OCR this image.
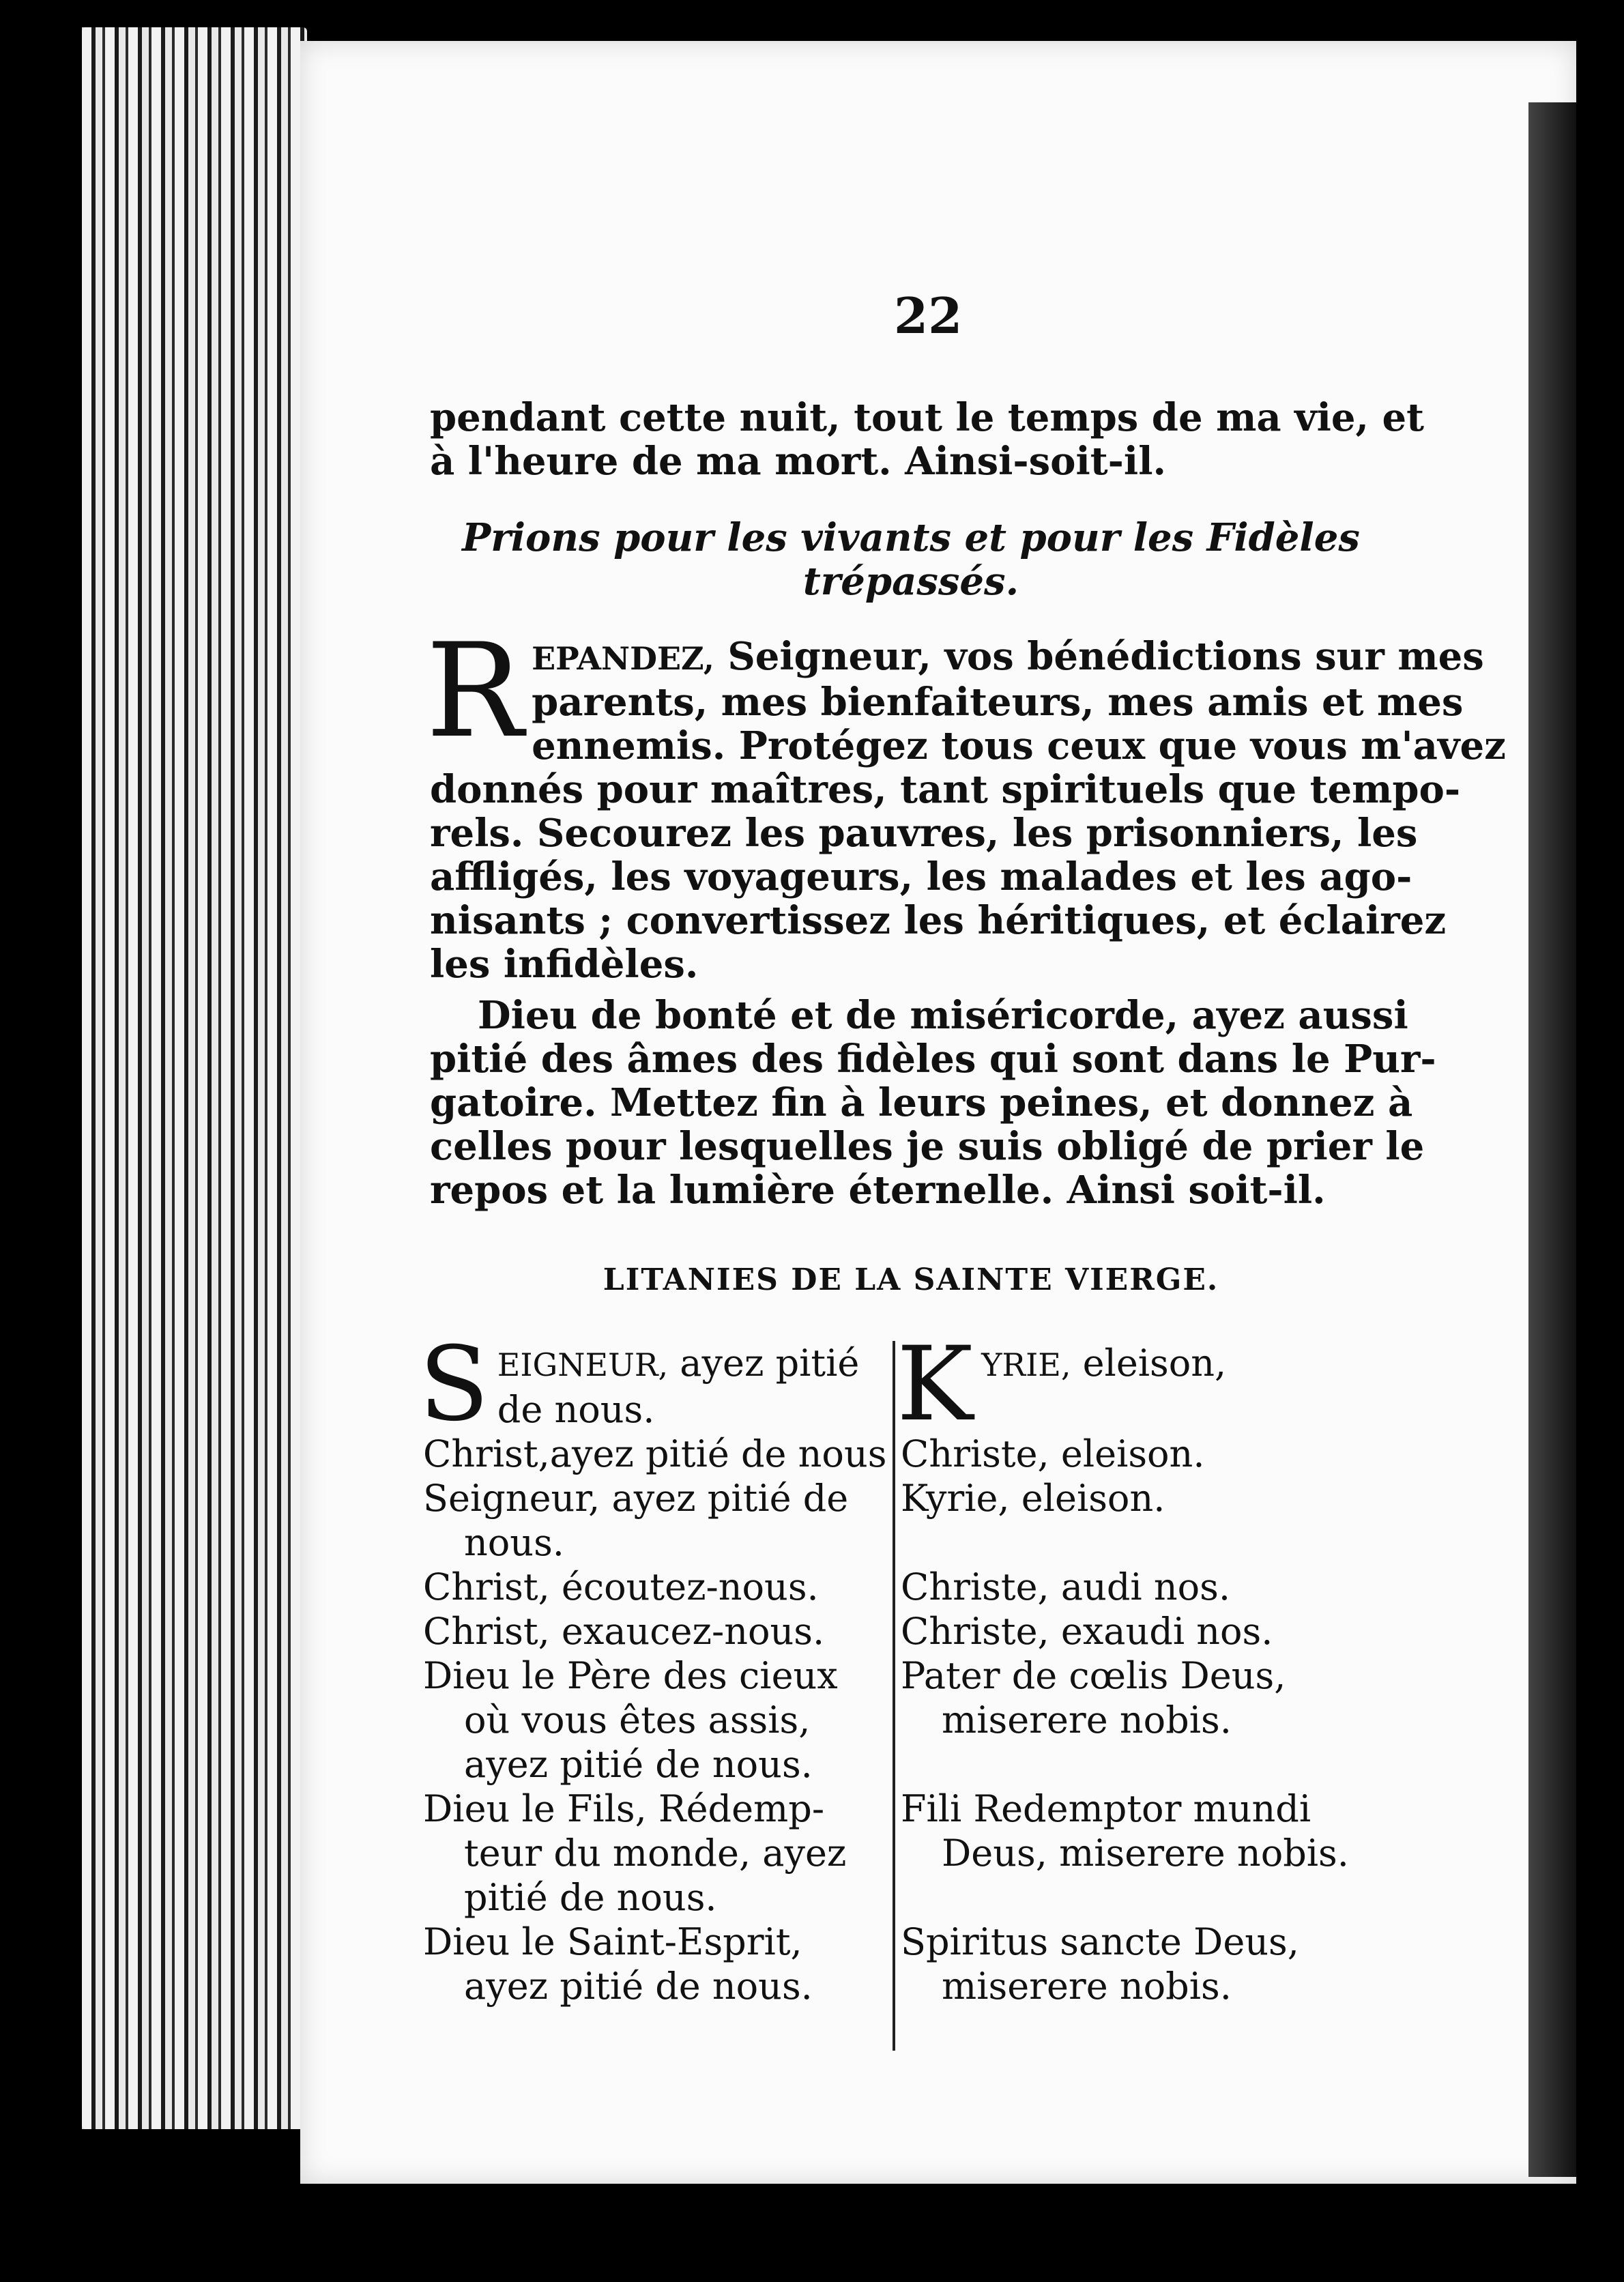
22
pendant cette nuit, tout le temps de ma vie, et
à l'heure de ma mort. Ainsi-soit-il.
Prions pour les vivants et pour les Fidèles
trépassés.
R EPANDEZ, Seigneur, vos bénédictions sur mes
parents, mes bienfaiteurs, mes amis et mes
ennemis. Protégez tous ceux que vous m'avez
donnés pour maîtres, tant spirituels que tempo-
rels. Secourez les pauvres, les prisonniers, les
affligés, les voyageurs, les malades et les ago-
nisants ; convertissez les héritiques, et éclairez
les infidèles.
Dieu de bonté et de miséricorde, ayez aussi
pitié des âmes des fidèles qui sont dans le Pur-
gatoire. Mettez fin à leurs peines, et donnez à
celles pour lesquelles je suis obligé de prier le
repos et la lumière éternelle. Ainsi soit-il.
LITANIES DE LA SAINTE VIERGE.
S EIGNEUR, ayez pitié
de nous.
Christ,ayez pitié de nous
Seigneur, ayez pitié de
nous.
Christ, écoutez-nous.
Christ, exaucez-nous.
Dieu le Père des cieux
où vous êtes assis,
ayez pitié de nous.
Dieu le Fils, Rédemp-
teur du monde, ayez
pitié de nous.
Dieu le Saint-Esprit,
ayez pitié de nous.
K YRIE, eleison,

Christe, eleison.
Kyrie, eleison.

Christe, audi nos.
Christe, exaudi nos.
Pater de cœlis Deus,
miserere nobis.

Fili Redemptor mundi
Deus, miserere nobis.

Spiritus sancte Deus,
miserere nobis.
